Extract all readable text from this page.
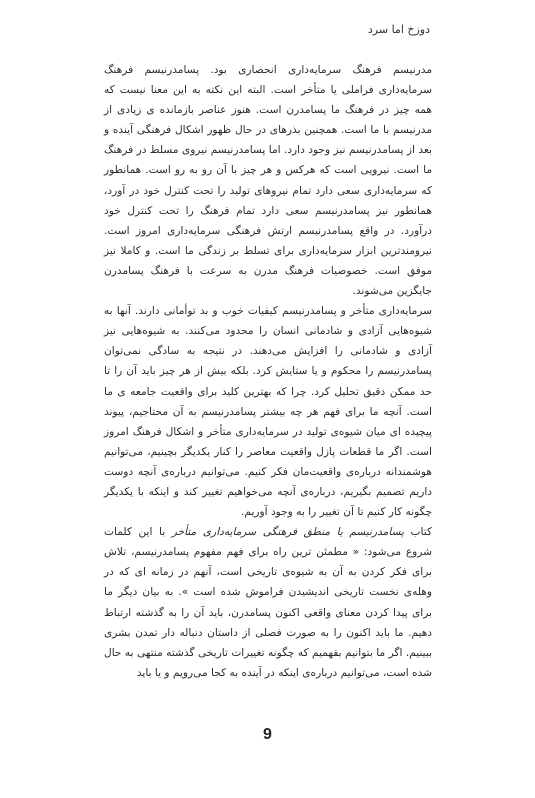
دوزخ اما سرد

مدرنیسم فرهنگ سرمایه‌داری انحصاری بود. پسامدرنیسم فرهنگ سرمایه‌داری فراملی یا متأخر است. البته این نکته به این معنا نیست که همه چیز در فرهنگ ما پسامدرن است. هنوز عناصر بازمانده ی زیادی از مدرنیسم با ما است. همچنین بذرهای در حال ظهور اشکال فرهنگی آینده و بعد از پسامدرنیسم نیز وجود دارد. اما پسامدرنیسم نیروی مسلط در فرهنگ ما است. نیرویی است که هرکس و هر چیز با آن رو به رو است. همانطور که سرمایه‌داری سعی دارد تمام نیروهای تولید را تحت کنترل خود در آورد، همانطور نیز پسامدرنیسم سعی دارد تمام فرهنگ را تحت کنترل خود درآورد. در واقع پسامدرنیسم ارتش فرهنگی سرمایه‌داری امروز است. نیرومندترین ابزار سرمایه‌داری برای تسلط بر زندگی ما است. و کاملا نیز موفق است. خصوصیات فرهنگ مدرن به سرعت با فرهنگ پسامدرن جایگزین می‌شوند.

سرمایه‌داری متأخر و پسامدرنیسم کیفیات خوب و بد توأمانی دارند. آنها به شیوه‌هایی آزادی و شادمانی انسان را محدود می‌کنند. به شیوه‌هایی نیز آزادی و شادمانی را افزایش می‌دهند. در نتیجه به سادگی نمی‌توان پسامدرنیسم را محکوم و یا ستایش کرد. بلکه بیش از هر چیز باید آن را تا حد ممکن دقیق تحلیل کرد. چرا که بهترین کلید برای واقعیت جامعه‌ ی ما است. آنچه ما برای فهم هر چه بیشتر پسامدرنیسم به آن محتاجیم، پیوند پیچیده ای میان شیوه‌ی تولید در سرمایه‌داری متأخر و اشکال فرهنگ امروز است. اگر ما قطعات پازل واقعیت معاصر را کنار یکدیگر بچینیم، می‌توانیم هوشمندانه درباره‌ی واقعیت‌مان فکر کنیم. می‌توانیم درباره‌ی آنچه دوست داریم تصمیم بگیریم، درباره‌ی آنچه می‌خواهیم تغییر کند و اینکه با یکدیگر چگونه کار کنیم تا آن تغییر را به وجود آوریم.

کتاب پسامدرنیسم یا منطق فرهنگی سرمایه‌داری متأخر با این کلمات شروع می‌شود: « مطمئن ترین راه برای فهم مفهوم پسامدرنیسم، تلاش برای فکر کردن به آن به شیوه‌ی تاریخی است، آنهم در زمانه ای که در وهله‌ی نخست تاریخی اندیشیدن فراموش شده است ». به بیان دیگر ما برای پیدا کردن معنای واقعی اکنون پسامدرن، باید آن را به گذشته ارتباط دهیم. ما باید اکنون را به صورت فصلی از داستان دنباله دار تمدن بشری ببینیم. اگر ما بتوانیم بفهمیم که چگونه تغییرات تاریخی گذشته منتهی به حال شده است، می‌توانیم درباره‌ی اینکه در آینده به کجا می‌رویم و یا باید

9
